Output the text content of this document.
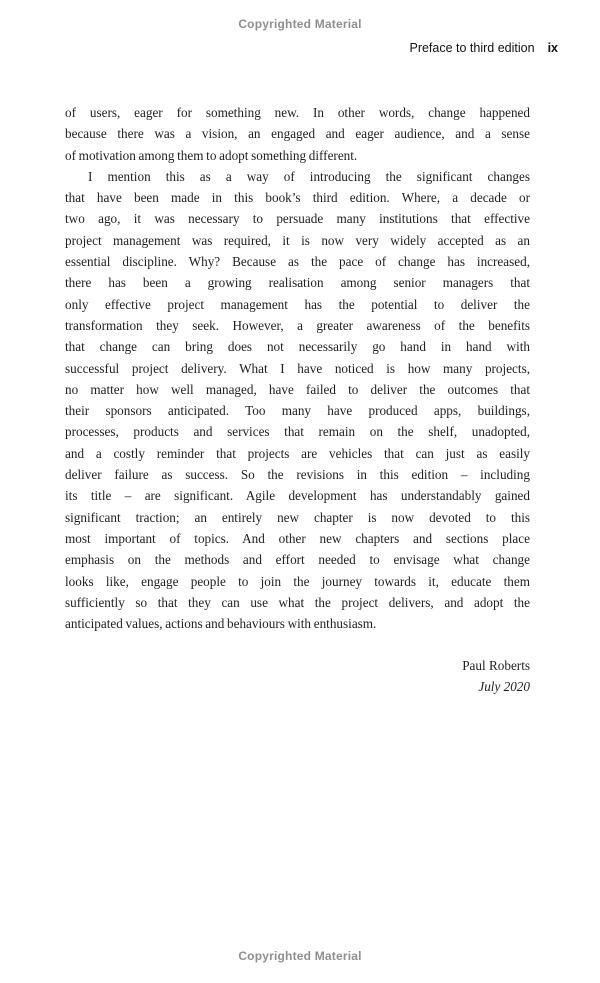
Copyrighted Material
Preface to third edition ix
of users, eager for something new. In other words, change happened
because there was a vision, an engaged and eager audience, and a sense
of motivation among them to adopt something different.
I mention this as a way of introducing the significant changes
that have been made in this book’s third edition. Where, a decade or
two ago, it was necessary to persuade many institutions that effective
project management was required, it is now very widely accepted as an
essential discipline. Why? Because as the pace of change has increased,
there has been a growing realisation among senior managers that
only effective project management has the potential to deliver the
transformation they seek. However, a greater awareness of the benefits
that change can bring does not necessarily go hand in hand with
successful project delivery. What I have noticed is how many projects,
no matter how well managed, have failed to deliver the outcomes that
their sponsors anticipated. Too many have produced apps, buildings,
processes, products and services that remain on the shelf, unadopted,
and a costly reminder that projects are vehicles that can just as easily
deliver failure as success. So the revisions in this edition – including
its title – are significant. Agile development has understandably gained
significant traction; an entirely new chapter is now devoted to this
most important of topics. And other new chapters and sections place
emphasis on the methods and effort needed to envisage what change
looks like, engage people to join the journey towards it, educate them
sufficiently so that they can use what the project delivers, and adopt the
anticipated values, actions and behaviours with enthusiasm.
Paul Roberts
July 2020
Copyrighted Material
